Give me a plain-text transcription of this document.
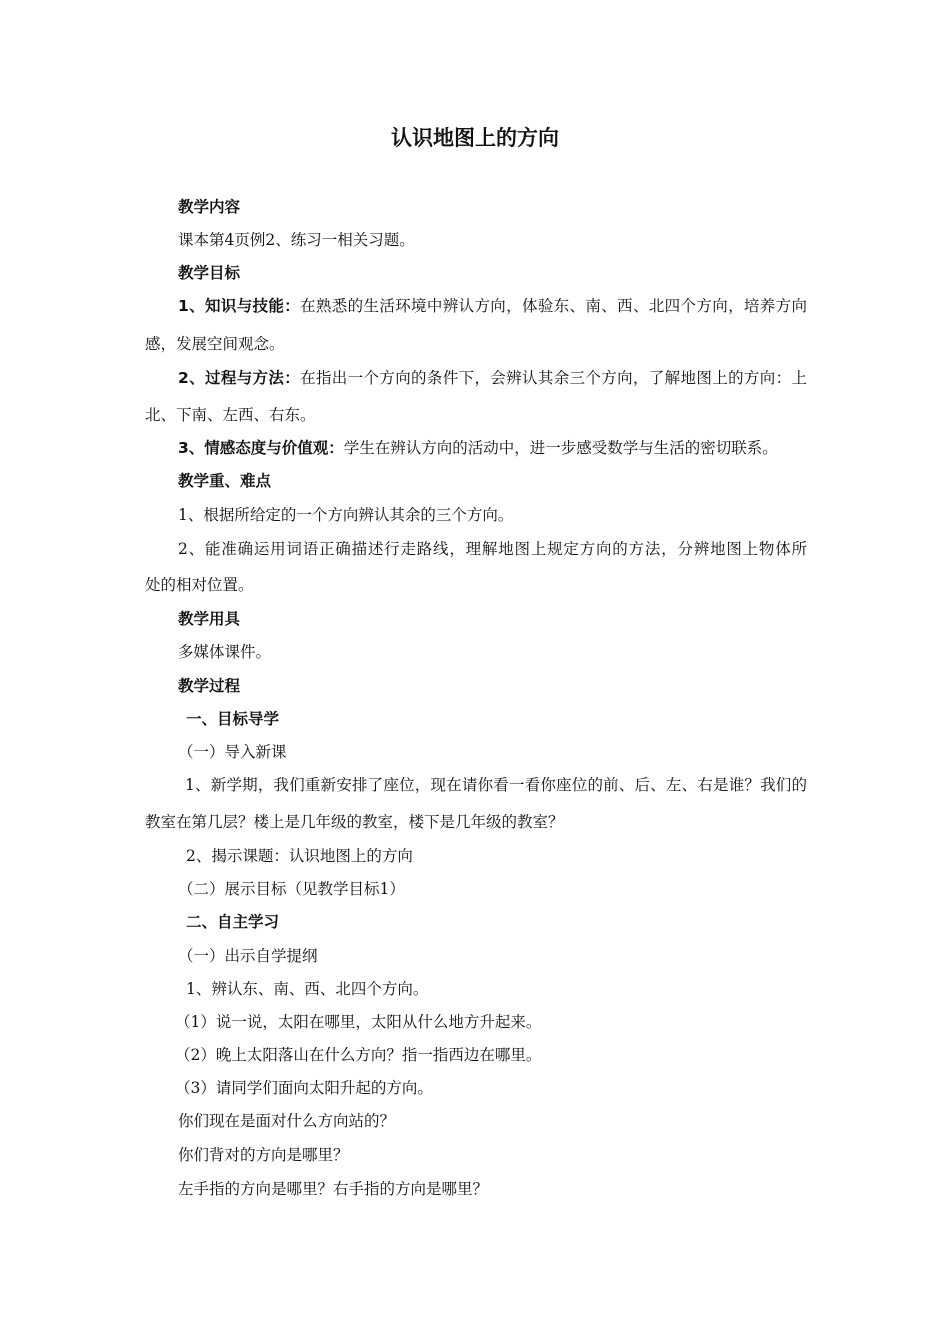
认识地图上的方向
教学内容
课本第4页例2、练习一相关习题。
教学目标
1、知识与技能：在熟悉的生活环境中辨认方向，体验东、南、西、北四个方向，培养方向
感，发展空间观念。
2、过程与方法：在指出一个方向的条件下，会辨认其余三个方向，了解地图上的方向：上
北、下南、左西、右东。
3、情感态度与价值观：学生在辨认方向的活动中，进一步感受数学与生活的密切联系。
教学重、难点
1、根据所给定的一个方向辨认其余的三个方向。
2、能准确运用词语正确描述行走路线，理解地图上规定方向的方法，分辨地图上物体所
处的相对位置。
教学用具
多媒体课件。
教学过程
一、目标导学
（一）导入新课
1、新学期，我们重新安排了座位，现在请你看一看你座位的前、后、左、右是谁？我们的
教室在第几层？楼上是几年级的教室，楼下是几年级的教室？
2、揭示课题：认识地图上的方向
（二）展示目标（见教学目标1）
二、自主学习
（一）出示自学提纲
1、辨认东、南、西、北四个方向。
（1）说一说，太阳在哪里，太阳从什么地方升起来。
（2）晚上太阳落山在什么方向？指一指西边在哪里。
（3）请同学们面向太阳升起的方向。
你们现在是面对什么方向站的？
你们背对的方向是哪里？
左手指的方向是哪里？右手指的方向是哪里？
